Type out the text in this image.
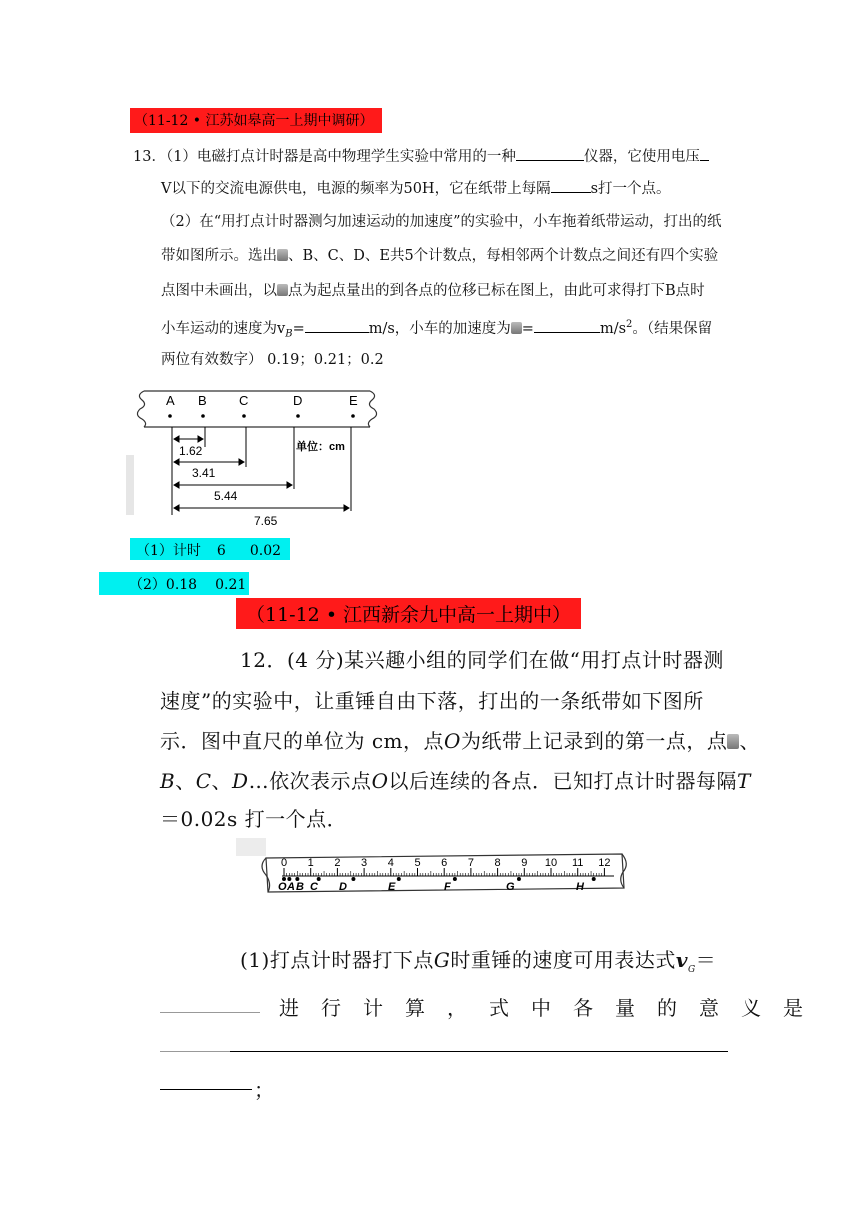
（11-12 • 江苏如皋高一上期中调研）
13．（1）电磁打点计时器是高中物理学生实验中常用的一种	仪器，它使用电压
V以下的交流电源供电，电源的频率为50H，它在纸带上每隔	s打一个点。
（2）在“用打点计时器测匀加速运动的加速度”的实验中，小车拖着纸带运动，打出的纸
带如图所示。选出 、B、C、D、E共5个计数点，每相邻两个计数点之间还有四个实验
点图中未画出，以 点为起点量出的到各点的位移已标在图上，由此可求得打下B点时
小车运动的速度为$v_B=$	m/s，小车的加速度为 =	$m/s^2$。（结果保留
两位有效数字） 0.19；0.21；0.2
A B C	D	E
1.62
3.41
5.44
7.65
单位：cm
（1）计时 6 0.02
（2）0.18 0.21
（11-12 • 江西新余九中高一上期中）
12．(4 分)某兴趣小组的同学们在做“用打点计时器测
速度”的实验中，让重锤自由下落，打出的一条纸带如下图所
示．图中直尺的单位为 cm，点O为纸带上记录到的第一点，点 、
B、C、D…依次表示点O以后连续的各点．已知打点计时器每隔T
＝0.02s 打一个点．
0 1 2 3 4 5 6 7 8 9 10 11 12
O A B C D	E	F	G	H
(1)打点计时器打下点G时重锤的速度可用表达式$v_G=$
进行计算，式中各量的意义是
；
